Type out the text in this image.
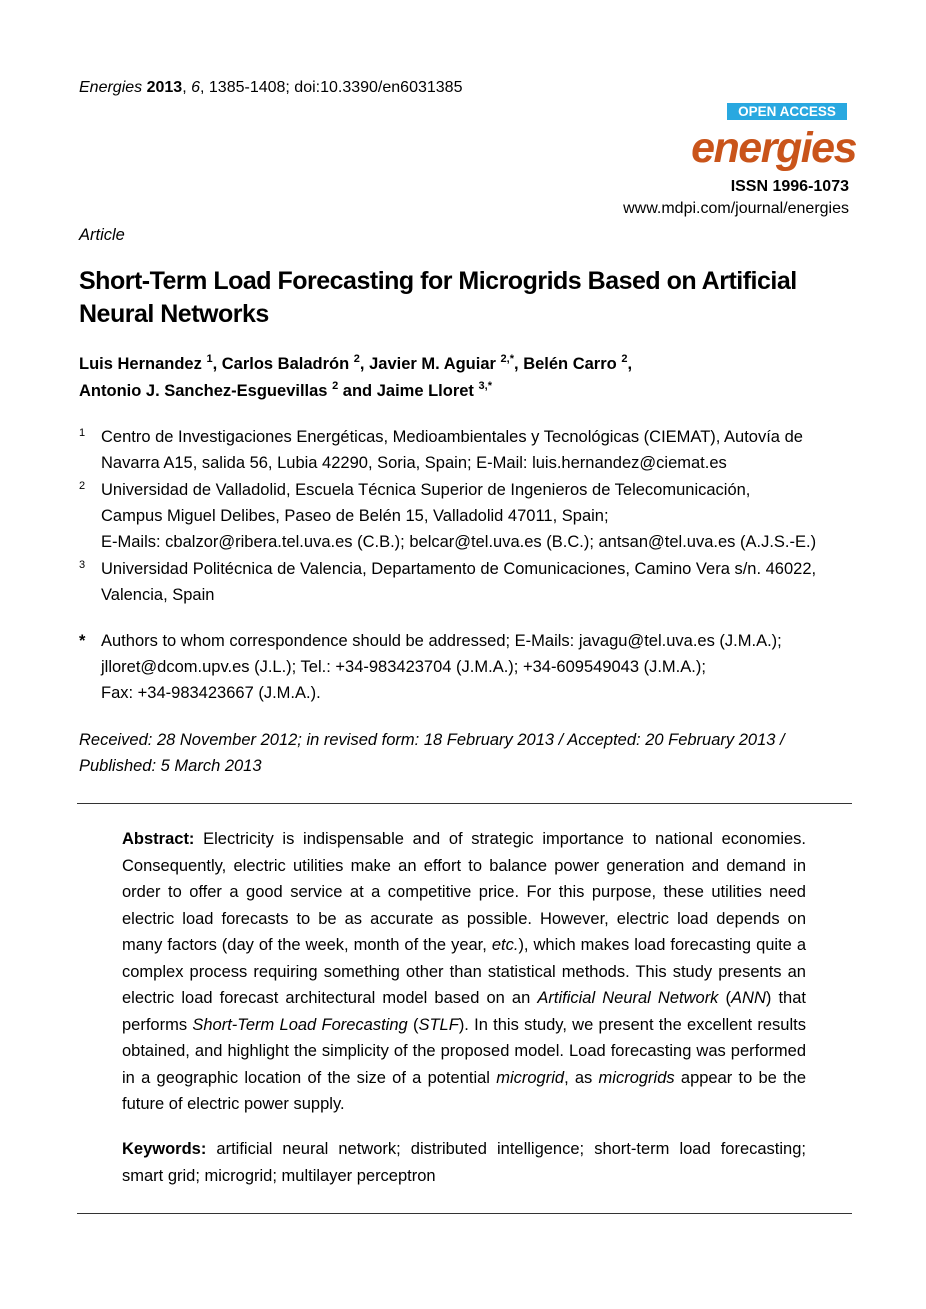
Energies 2013, 6, 1385-1408; doi:10.3390/en6031385
OPEN ACCESS
energies
ISSN 1996-1073
www.mdpi.com/journal/energies
Article
Short-Term Load Forecasting for Microgrids Based on Artificial Neural Networks
Luis Hernandez $^1$, Carlos Baladrón $^2$, Javier M. Aguiar $^{2,*}$, Belén Carro $^2$,
Antonio J. Sanchez-Esguevillas $^2$ and Jaime Lloret $^{3,*}$
1 Centro de Investigaciones Energéticas, Medioambientales y Tecnológicas (CIEMAT), Autovía de
Navarra A15, salida 56, Lubia 42290, Soria, Spain; E-Mail: luis.hernandez@ciemat.es
2 Universidad de Valladolid, Escuela Técnica Superior de Ingenieros de Telecomunicación,
Campus Miguel Delibes, Paseo de Belén 15, Valladolid 47011, Spain;
E-Mails: cbalzor@ribera.tel.uva.es (C.B.); belcar@tel.uva.es (B.C.); antsan@tel.uva.es (A.J.S.-E.)
3 Universidad Politécnica de Valencia, Departamento de Comunicaciones, Camino Vera s/n. 46022,
Valencia, Spain
* Authors to whom correspondence should be addressed; E-Mails: javagu@tel.uva.es (J.M.A.);
jlloret@dcom.upv.es (J.L.); Tel.: +34-983423704 (J.M.A.); +34-609549043 (J.M.A.);
Fax: +34-983423667 (J.M.A.).
Received: 28 November 2012; in revised form: 18 February 2013 / Accepted: 20 February 2013 /
Published: 5 March 2013
Abstract: Electricity is indispensable and of strategic importance to national economies. Consequently, electric utilities make an effort to balance power generation and demand in order to offer a good service at a competitive price. For this purpose, these utilities need electric load forecasts to be as accurate as possible. However, electric load depends on many factors (day of the week, month of the year, etc.), which makes load forecasting quite a complex process requiring something other than statistical methods. This study presents an electric load forecast architectural model based on an Artificial Neural Network (ANN) that performs Short-Term Load Forecasting (STLF). In this study, we present the excellent results obtained, and highlight the simplicity of the proposed model. Load forecasting was performed in a geographic location of the size of a potential microgrid, as microgrids appear to be the future of electric power supply.
Keywords: artificial neural network; distributed intelligence; short-term load forecasting; smart grid; microgrid; multilayer perceptron
